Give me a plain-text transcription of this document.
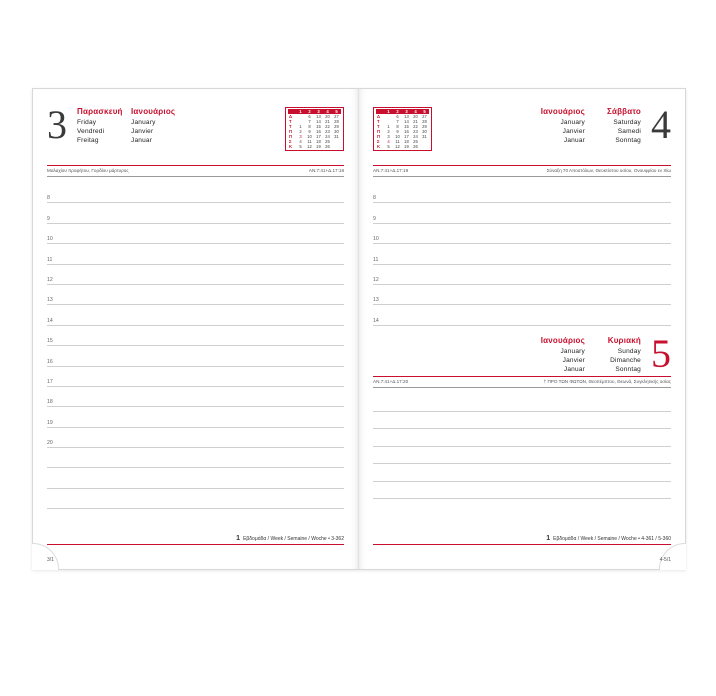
3 Παρασκευή	Ιανουάριος
Friday	January
Vendredi	Janvier
Freitag	Januar
	1	2	3	4	5
Δ		6	13	20	27
Τ		7	14	21	28
Τ	1	8	15	22	29
Π	2	9	16	23	30
Π	3	10	17	24	31
Σ	4	11	18	25	
Κ	5	12	19	26	
Μαλαχίου προφήτου, Γορδίου μάρτυρος	ΑΝ.7:41+Δ.17:18
8
9
10
11
12
13
14
15
16
17
18
19
20
1 Εβδομάδα / Week / Semaine / Woche • 3-362
3/1
	1	2	3	4	5
Δ		6	13	20	27
Τ		7	14	21	28
Τ	1	8	15	22	29
Π	2	9	16	23	30
Π	3	10	17	24	31
Σ	4	11	18	25	
Κ	5	12	19	26	
Ιανουάριος	Σάββατο
January	Saturday
Janvier	Samedi
Januar	Sonntag 4
ΑΝ.7:41+Δ.17:19	Σύναξη 70 Αποστόλων, Θεοκτίστου οσίου, Ονουφρίου εν Χίω
8
9
10
11
12
13
14
Ιανουάριος	Κυριακή
January	Sunday
Janvier	Dimanche
Januar	Sonntag 5
ΑΝ.7:41+Δ.17:20	† ΠΡΟ ΤΩΝ ΦΩΤΩΝ, Θεοπέμπτου, Θεωνά, Συγκλητικής οσίας
1 Εβδομάδα / Week / Semaine / Woche • 4-361 / 5-360
4-5/1
